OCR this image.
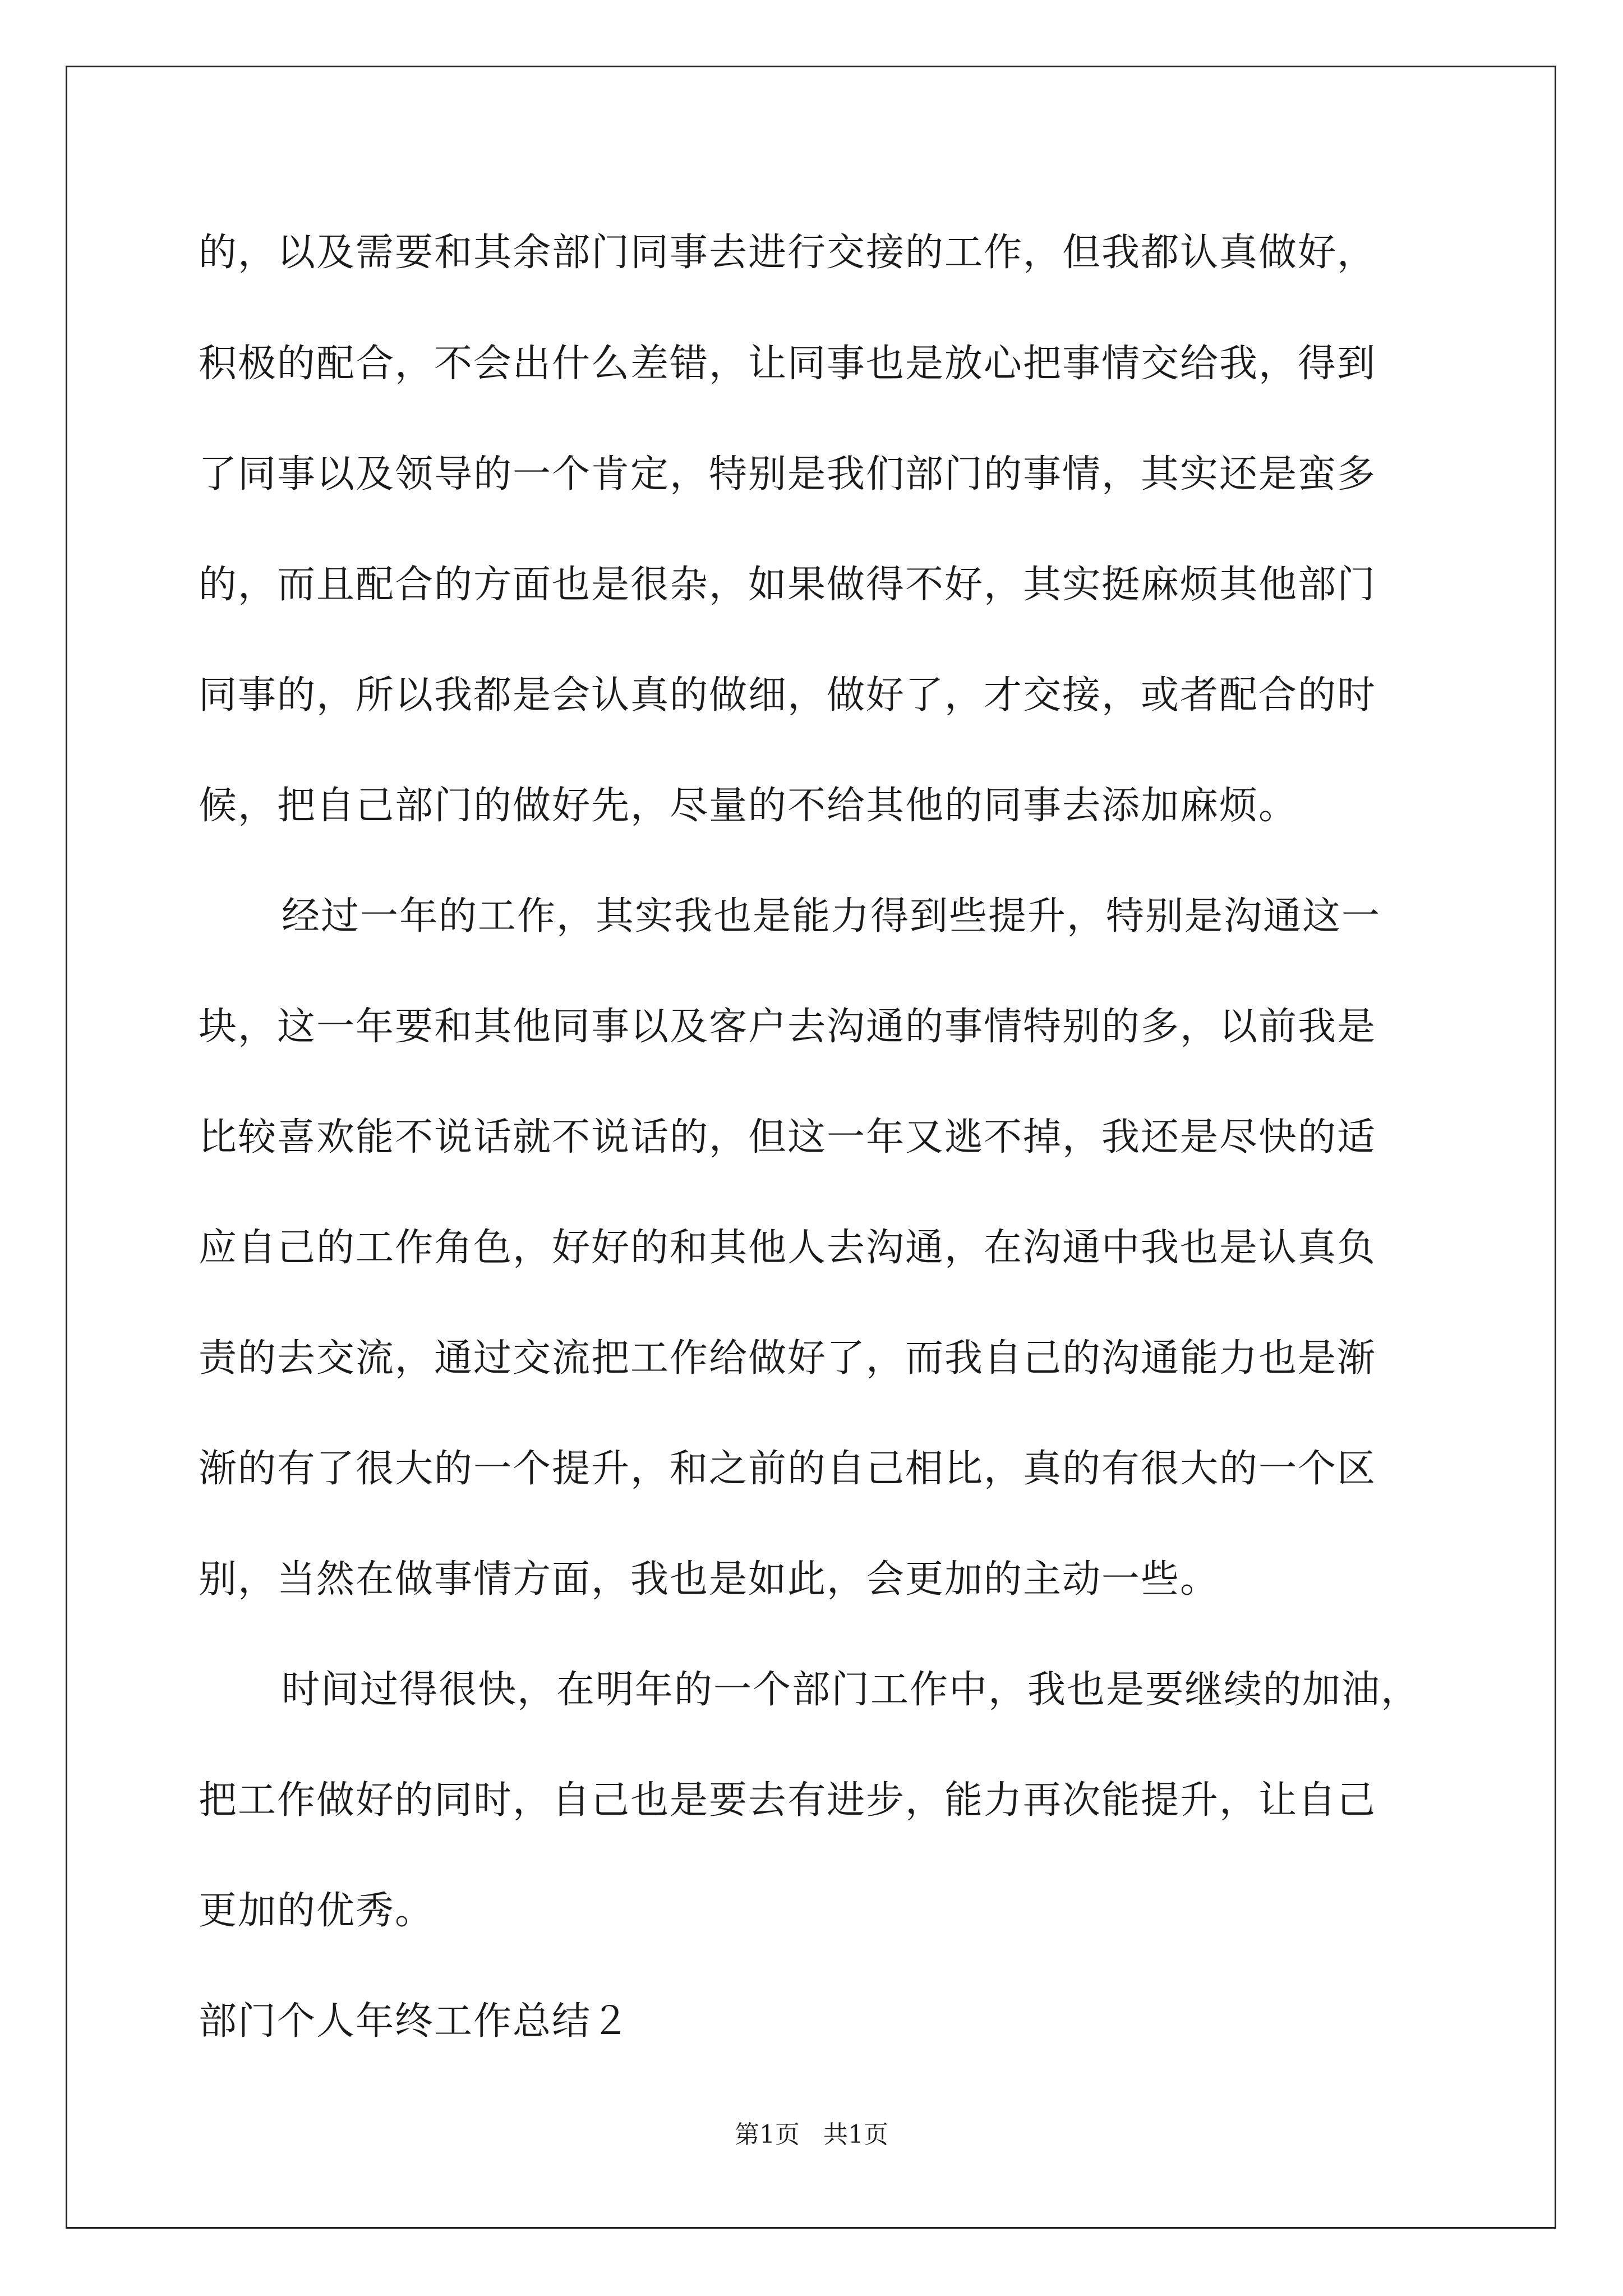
的，以及需要和其余部门同事去进行交接的工作，但我都认真做好，
积极的配合，不会出什么差错，让同事也是放心把事情交给我，得到
了同事以及领导的一个肯定，特别是我们部门的事情，其实还是蛮多
的，而且配合的方面也是很杂，如果做得不好，其实挺麻烦其他部门
同事的，所以我都是会认真的做细，做好了，才交接，或者配合的时
候，把自己部门的做好先，尽量的不给其他的同事去添加麻烦。
经过一年的工作，其实我也是能力得到些提升，特别是沟通这一
块，这一年要和其他同事以及客户去沟通的事情特别的多，以前我是
比较喜欢能不说话就不说话的，但这一年又逃不掉，我还是尽快的适
应自己的工作角色，好好的和其他人去沟通，在沟通中我也是认真负
责的去交流，通过交流把工作给做好了，而我自己的沟通能力也是渐
渐的有了很大的一个提升，和之前的自己相比，真的有很大的一个区
别，当然在做事情方面，我也是如此，会更加的主动一些。
时间过得很快，在明年的一个部门工作中，我也是要继续的加油，
把工作做好的同时，自己也是要去有进步，能力再次能提升，让自己
更加的优秀。
部门个人年终工作总结２
第1页   共1页
